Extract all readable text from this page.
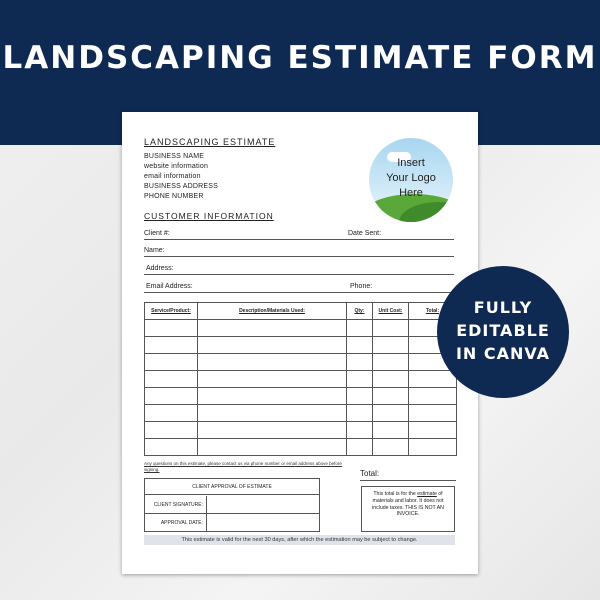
LANDSCAPING ESTIMATE FORM
LANDSCAPING ESTIMATE
BUSINESS NAME
website information
email information
BUSINESS ADDRESS
PHONE NUMBER
Insert
Your Logo
Here
CUSTOMER INFORMATION
Client #:	Date Sent:
Name:
Address:
Email Address:	Phone:
Service/Product:	Description/Materials Used:	Qty:	Unit Cost:	Total:

Any questions on this estimate, please contact us via phone number or email address above before signing.	Total:
CLIENT APPROVAL OF ESTIMATE
CLIENT SIGNATURE:
APPROVAL DATE:
This total is for the estimate of materials and labor. It does not include taxes. THIS IS NOT AN INVOICE.
This estimate is valid for the next 30 days, after which the estimation may be subject to change.
FULLY
EDITABLE
IN CANVA
